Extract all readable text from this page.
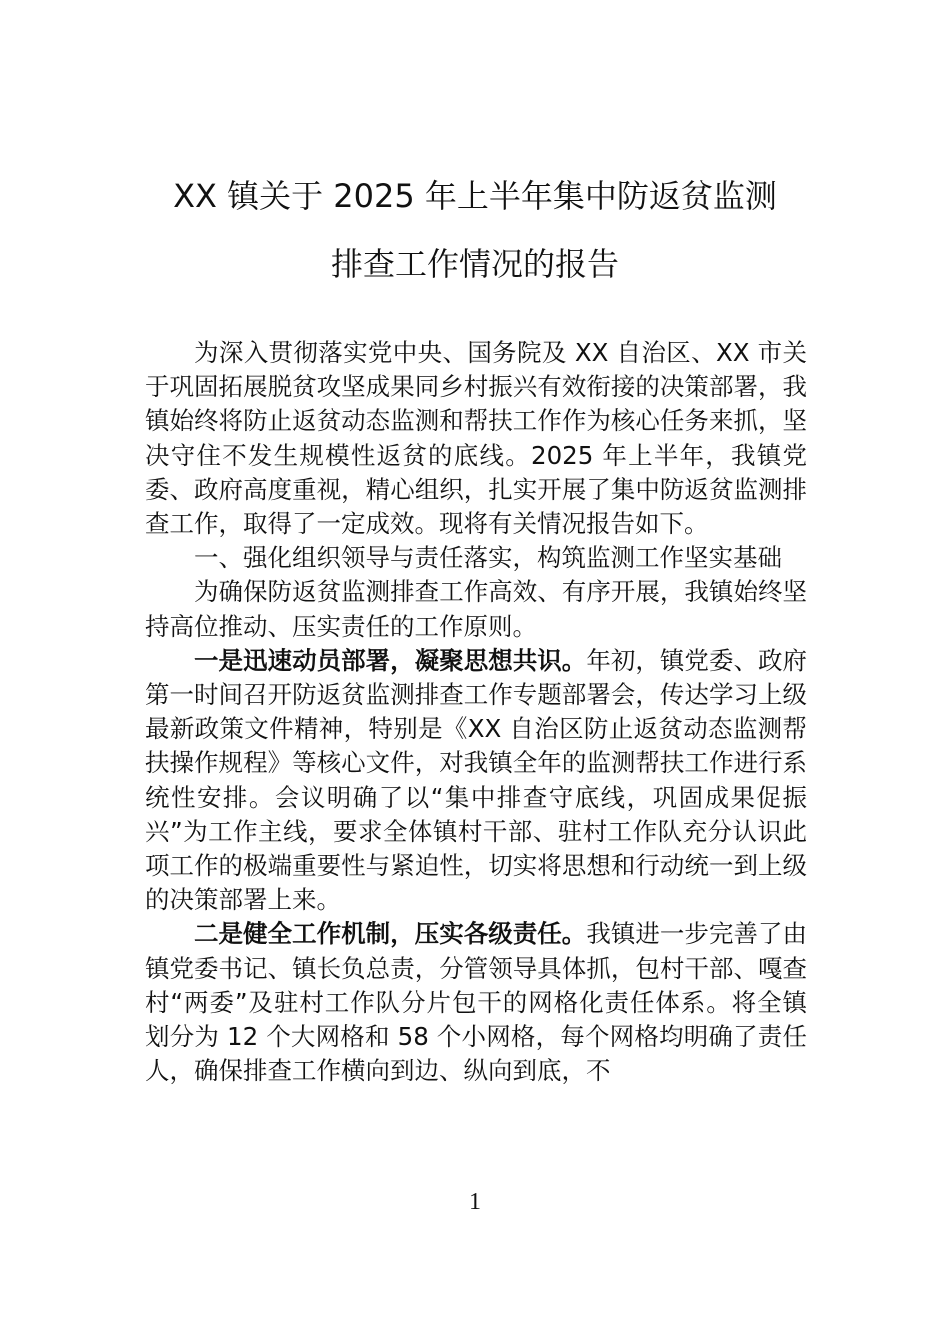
XX 镇关于 2025 年上半年集中防返贫监测
排查工作情况的报告

为深入贯彻落实党中央、国务院及 XX 自治区、XX 市关于巩固拓展脱贫攻坚成果同乡村振兴有效衔接的决策部署，我镇始终将防止返贫动态监测和帮扶工作作为核心任务来抓，坚决守住不发生规模性返贫的底线。2025 年上半年，我镇党委、政府高度重视，精心组织，扎实开展了集中防返贫监测排查工作，取得了一定成效。现将有关情况报告如下。

一、强化组织领导与责任落实，构筑监测工作坚实基础

为确保防返贫监测排查工作高效、有序开展，我镇始终坚持高位推动、压实责任的工作原则。

一是迅速动员部署，凝聚思想共识。年初，镇党委、政府第一时间召开防返贫监测排查工作专题部署会，传达学习上级最新政策文件精神，特别是《XX 自治区防止返贫动态监测帮扶操作规程》等核心文件，对我镇全年的监测帮扶工作进行系统性安排。会议明确了以“集中排查守底线，巩固成果促振兴”为工作主线，要求全体镇村干部、驻村工作队充分认识此项工作的极端重要性与紧迫性，切实将思想和行动统一到上级的决策部署上来。

二是健全工作机制，压实各级责任。我镇进一步完善了由镇党委书记、镇长负总责，分管领导具体抓，包村干部、嘎查村“两委”及驻村工作队分片包干的网格化责任体系。将全镇划分为 12 个大网格和 58 个小网格，每个网格均明确了责任人，确保排查工作横向到边、纵向到底，不

1
